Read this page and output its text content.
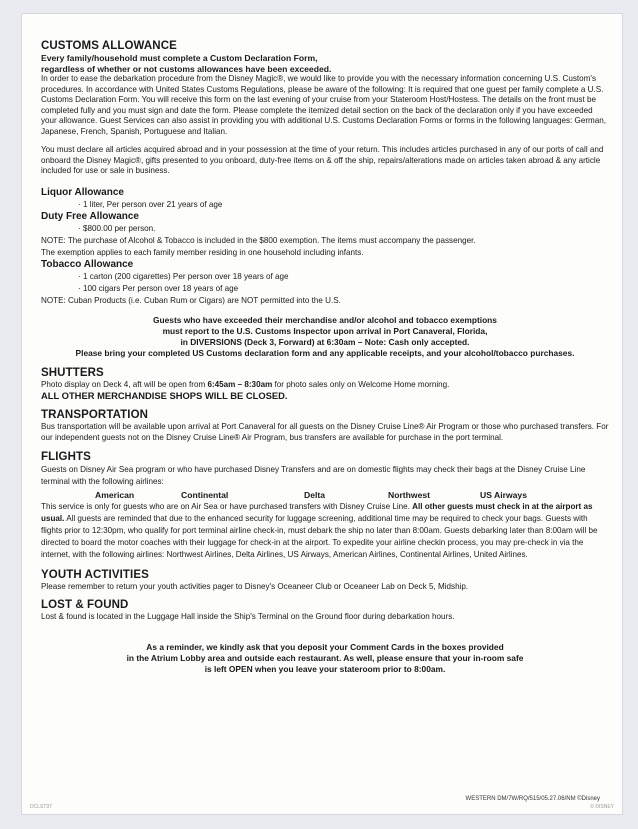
CUSTOMS ALLOWANCE

Every family/household must complete a Custom Declaration Form,

regardless of whether or not customs allowances have been exceeded.

In order to ease the debarkation procedure from the Disney Magic®, we would like to provide you with the necessary information concerning U.S. Custom's procedures. In accordance with United States Customs Regulations, please be aware of the following: It is required that one guest per family complete a U.S. Customs Declaration Form. You will receive this form on the last evening of your cruise from your Stateroom Host/Hostess. The details on the front must be completed fully and you must sign and date the form. Please complete the itemized detail section on the back of the declaration only if you have exceeded your allowance. Guest Services can also assist in providing you with additional U.S. Customs Declaration Forms or forms in the following languages: German, Japanese, French, Spanish, Portuguese and Italian.

You must declare all articles acquired abroad and in your possession at the time of your return. This includes articles purchased in any of our ports of call and onboard the Disney Magic®, gifts presented to you onboard, duty-free items on & off the ship, repairs/alterations made on articles taken abroad & any article included for use or sale in business.

Liquor Allowance

· 1 liter, Per person over 21 years of age

Duty Free Allowance

· $800.00 per person.

NOTE: The purchase of Alcohol & Tobacco is included in the $800 exemption. The items must accompany the passenger.

The exemption applies to each family member residing in one household including infants.

Tobacco Allowance

· 1 carton (200 cigarettes) Per person over 18 years of age

· 100 cigars Per person over 18 years of age

NOTE: Cuban Products (i.e. Cuban Rum or Cigars) are NOT permitted into the U.S.

Guests who have exceeded their merchandise and/or alcohol and tobacco exemptions

must report to the U.S. Customs Inspector upon arrival in Port Canaveral, Florida,

in DIVERSIONS (Deck 3, Forward) at 6:30am – Note: Cash only accepted.

Please bring your completed US Customs declaration form and any applicable receipts, and your alcohol/tobacco purchases.

SHUTTERS

Photo display on Deck 4, aft will be open from 6:45am – 8:30am for photo sales only on Welcome Home morning.

ALL OTHER MERCHANDISE SHOPS WILL BE CLOSED.

TRANSPORTATION

Bus transportation will be available upon arrival at Port Canaveral for all guests on the Disney Cruise Line® Air Program or those who purchased transfers. For our independent guests not on the Disney Cruise Line® Air Program, bus transfers are available for purchase in the port terminal.

FLIGHTS

Guests on Disney Air Sea program or who have purchased Disney Transfers and are on domestic flights may check their bags at the Disney Cruise Line terminal with the following airlines:

American	Continental	Delta	Northwest	US Airways

This service is only for guests who are on Air Sea or have purchased transfers with Disney Cruise Line. All other guests must check in at the airport as usual. All guests are reminded that due to the enhanced security for luggage screening, additional time may be required to check your bags. Guests with flights prior to 12:30pm, who qualify for port terminal airline check-in, must debark the ship no later than 8:00am. Guests debarking later than 8:00am will be directed to board the motor coaches with their luggage for check-in at the airport. To expedite your airline checkin process, you may pre-check in via the internet, with the following airlines: Northwest Airlines, Delta Airlines, US Airways, American Airlines, Continental Airlines, United Airlines.

YOUTH ACTIVITIES

Please remember to return your youth activities pager to Disney's Oceaneer Club or Oceaneer Lab on Deck 5, Midship.

LOST & FOUND

Lost & found is located in the Luggage Hall inside the Ship's Terminal on the Ground floor during debarkation hours.

As a reminder, we kindly ask that you deposit your Comment Cards in the boxes provided

in the Atrium Lobby area and outside each restaurant. As well, please ensure that your in-room safe

is left OPEN when you leave your stateroom prior to 8:00am.

WESTERN DM/7W/RQ/515/05.27.06/NM ©Disney
DCLST37	© DISNEY
